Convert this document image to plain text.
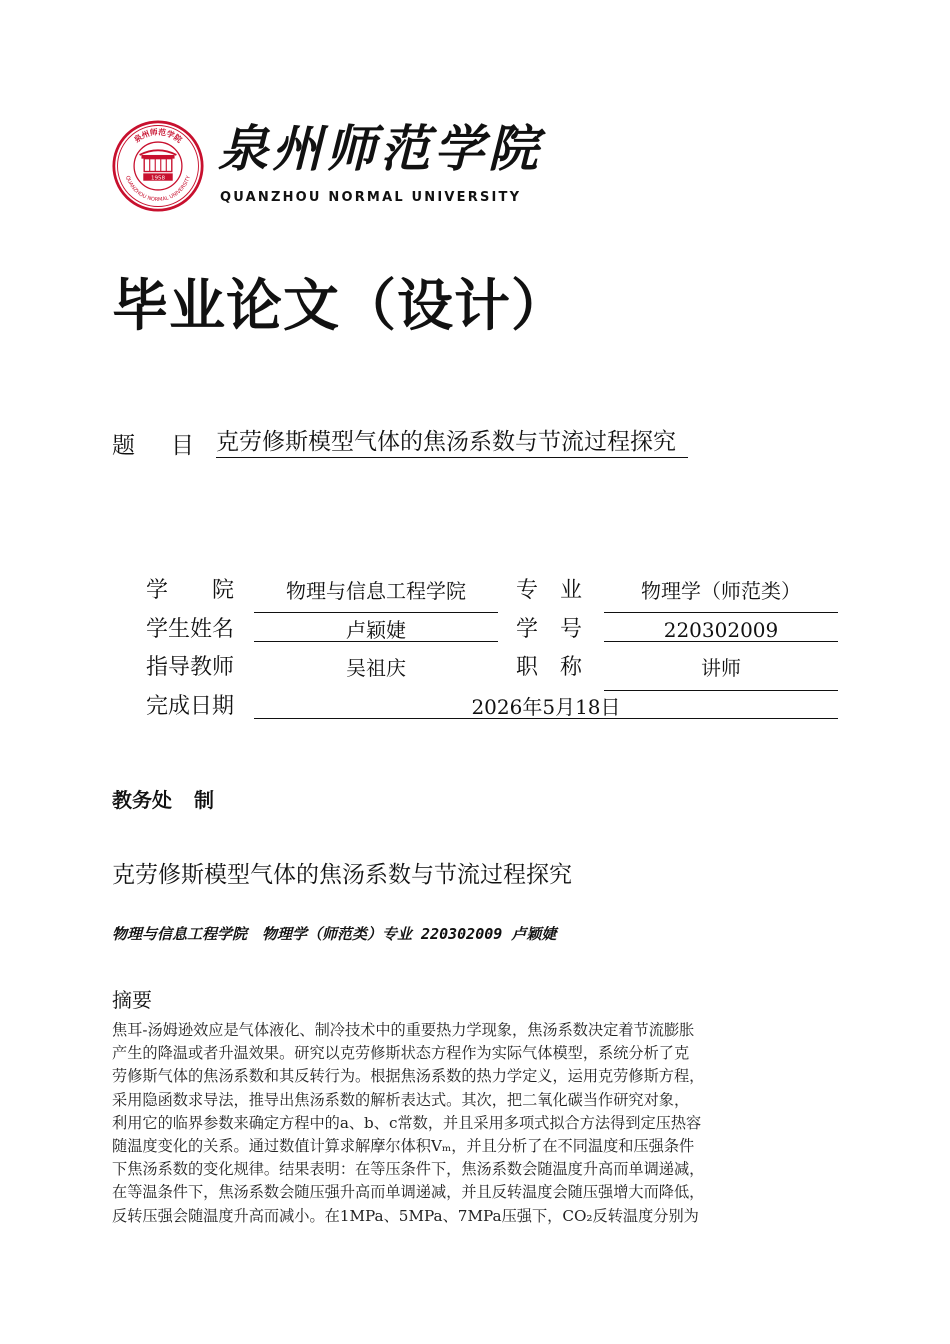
泉州师范学院
QUANZHOU NORMAL UNIVERSITY
1958
泉州师范学院
QUANZHOU NORMAL UNIVERSITY
毕业论文（设计）
题 目 克劳修斯模型气体的焦汤系数与节流过程探究
学　　院	物理与信息工程学院	专　业	物理学（师范类）
学生姓名	卢颖婕	学　号	220302009
指导教师	吴祖庆	职　称	讲师
完成日期	2026年5月18日
教务处 制
克劳修斯模型气体的焦汤系数与节流过程探究
物理与信息工程学院　物理学（师范类）专业 220302009 卢颖婕
摘要
焦耳-汤姆逊效应是气体液化、制冷技术中的重要热力学现象，焦汤系数决定着节流膨胀
产生的降温或者升温效果。研究以克劳修斯状态方程作为实际气体模型，系统分析了克
劳修斯气体的焦汤系数和其反转行为。根据焦汤系数的热力学定义，运用克劳修斯方程，
采用隐函数求导法，推导出焦汤系数的解析表达式。其次，把二氧化碳当作研究对象，
利用它的临界参数来确定方程中的a、b、c常数，并且采用多项式拟合方法得到定压热容
随温度变化的关系。通过数值计算求解摩尔体积Vₘ，并且分析了在不同温度和压强条件
下焦汤系数的变化规律。结果表明：在等压条件下，焦汤系数会随温度升高而单调递减，
在等温条件下，焦汤系数会随压强升高而单调递减，并且反转温度会随压强增大而降低，
反转压强会随温度升高而减小。在1MPa、5MPa、7MPa压强下，CO₂反转温度分别为
